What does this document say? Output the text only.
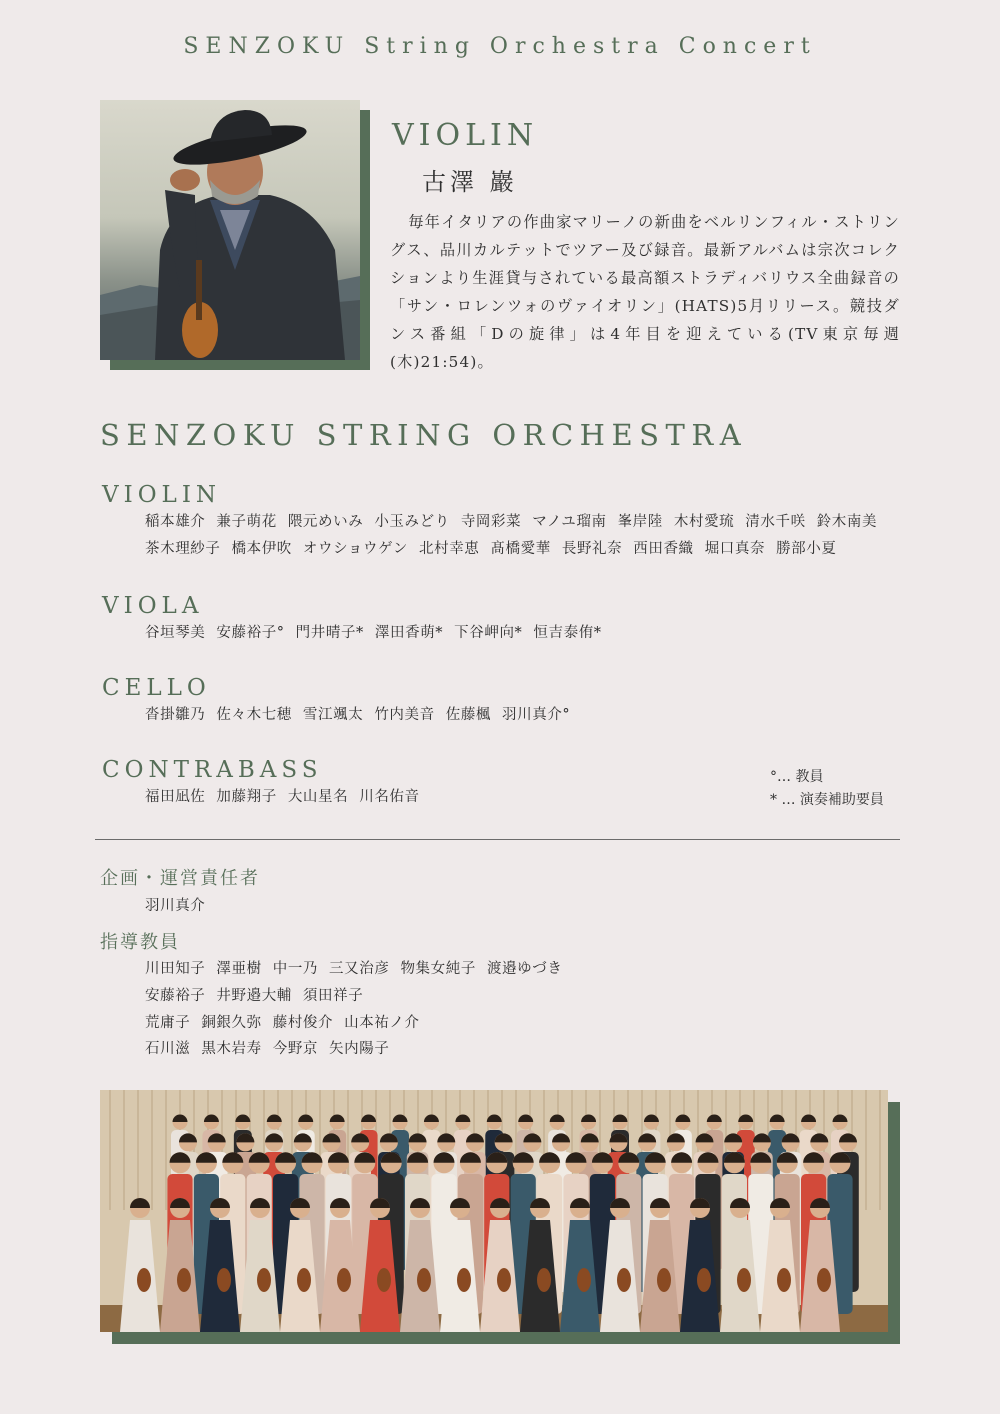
SENZOKU String Orchestra Concert
VIOLIN
古澤 巖
毎年イタリアの作曲家マリーノの新曲をベルリンフィル・ストリングス、品川カルテットでツアー及び録音。最新アルバムは宗次コレクションより生涯貸与されている最高額ストラディバリウス全曲録音の「サン・ロレンツォのヴァイオリン」(HATS)5月リリース。競技ダンス番組「Dの旋律」は4年目を迎えている(TV東京毎週(木)21:54)。
SENZOKU STRING ORCHESTRA
VIOLIN
稲本雄介 兼子萌花 隈元めいみ 小玉みどり 寺岡彩菜 マノユ瑠南 峯岸陸 木村愛琉 清水千咲 鈴木南美
茶木理紗子 橋本伊吹 オウショウゲン 北村幸恵 髙橋愛華 長野礼奈 西田香織 堀口真奈 勝部小夏
VIOLA
谷垣琴美 安藤裕子° 門井晴子* 澤田香萌* 下谷岬向* 恒吉泰侑*
CELLO
沓掛雛乃 佐々木七穂 雪江颯太 竹内美音 佐藤楓 羽川真介°
CONTRABASS
福田凪佐 加藤翔子 大山星名 川名佑音
°… 教員
* … 演奏補助要員
企画・運営責任者
羽川真介
指導教員
川田知子 澤亜樹 中一乃 三又治彦 物集女純子 渡邉ゆづき
安藤裕子 井野邉大輔 須田祥子
荒庸子 銅銀久弥 藤村俊介 山本祐ノ介
石川滋 黒木岩寿 今野京 矢内陽子
